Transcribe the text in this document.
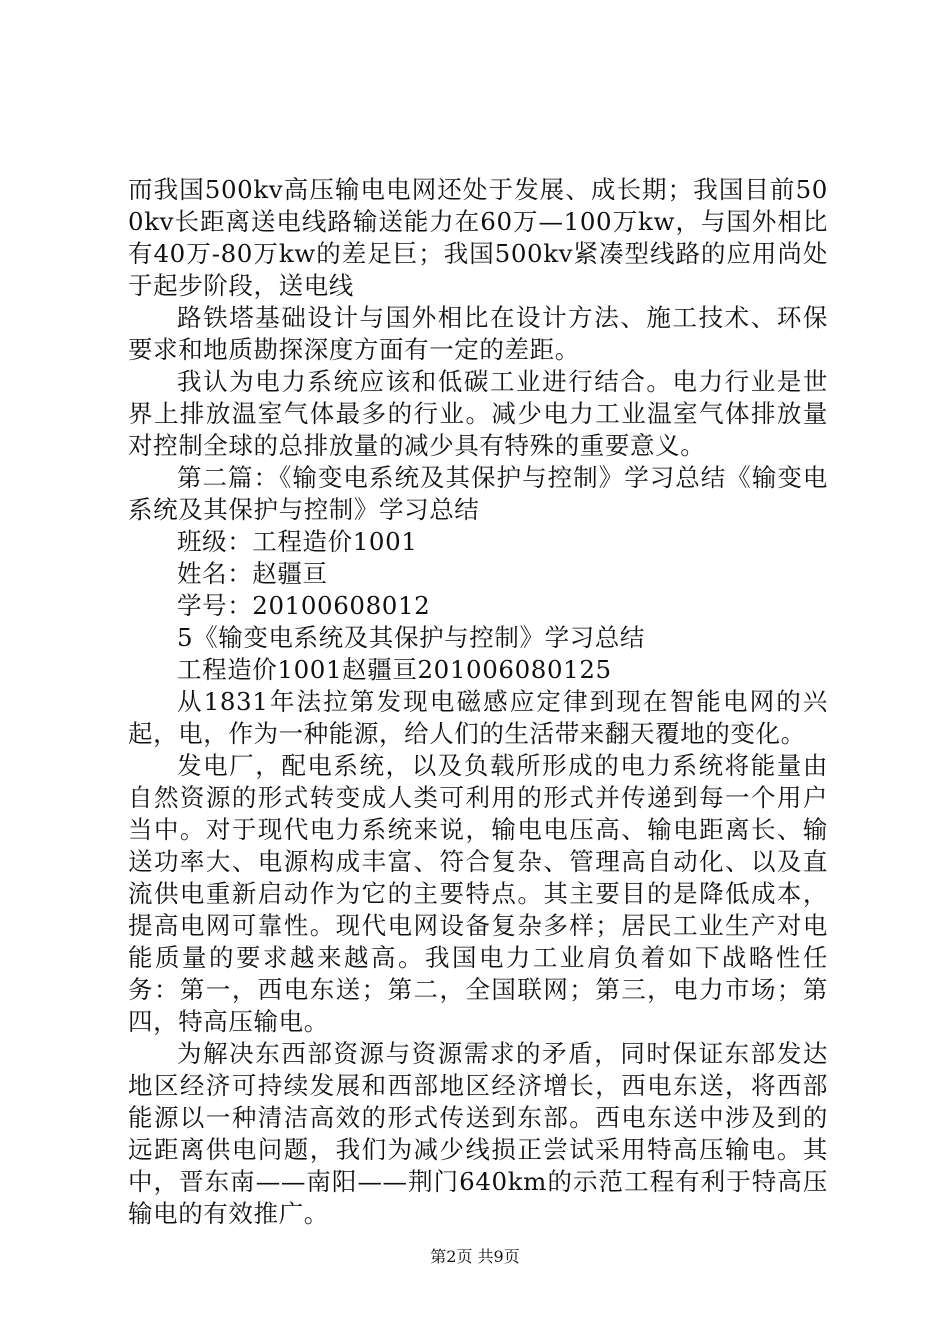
而我国500kv高压输电电网还处于发展、成长期；我国目前500kv长距离送电线路输送能力在60万—100万kw，与国外相比有40万-80万kw的差足巨；我国500kv紧凑型线路的应用尚处于起步阶段，送电线

路铁塔基础设计与国外相比在设计方法、施工技术、环保要求和地质勘探深度方面有一定的差距。

我认为电力系统应该和低碳工业进行结合。电力行业是世界上排放温室气体最多的行业。减少电力工业温室气体排放量对控制全球的总排放量的减少具有特殊的重要意义。

第二篇：《输变电系统及其保护与控制》学习总结《输变电系统及其保护与控制》学习总结

班级：工程造价1001

姓名：赵疆亘

学号：20100608012

5《输变电系统及其保护与控制》学习总结

工程造价1001赵疆亘201006080125

从1831年法拉第发现电磁感应定律到现在智能电网的兴起，电，作为一种能源，给人们的生活带来翻天覆地的变化。

发电厂，配电系统，以及负载所形成的电力系统将能量由自然资源的形式转变成人类可利用的形式并传递到每一个用户当中。对于现代电力系统来说，输电电压高、输电距离长、输送功率大、电源构成丰富、符合复杂、管理高自动化、以及直流供电重新启动作为它的主要特点。其主要目的是降低成本，提高电网可靠性。现代电网设备复杂多样；居民工业生产对电能质量的要求越来越高。我国电力工业肩负着如下战略性任务：第一，西电东送；第二，全国联网；第三，电力市场；第四，特高压输电。

为解决东西部资源与资源需求的矛盾，同时保证东部发达地区经济可持续发展和西部地区经济增长，西电东送，将西部能源以一种清洁高效的形式传送到东部。西电东送中涉及到的远距离供电问题，我们为减少线损正尝试采用特高压输电。其中，晋东南——南阳——荆门640km的示范工程有利于特高压输电的有效推广。

第2页 共9页
